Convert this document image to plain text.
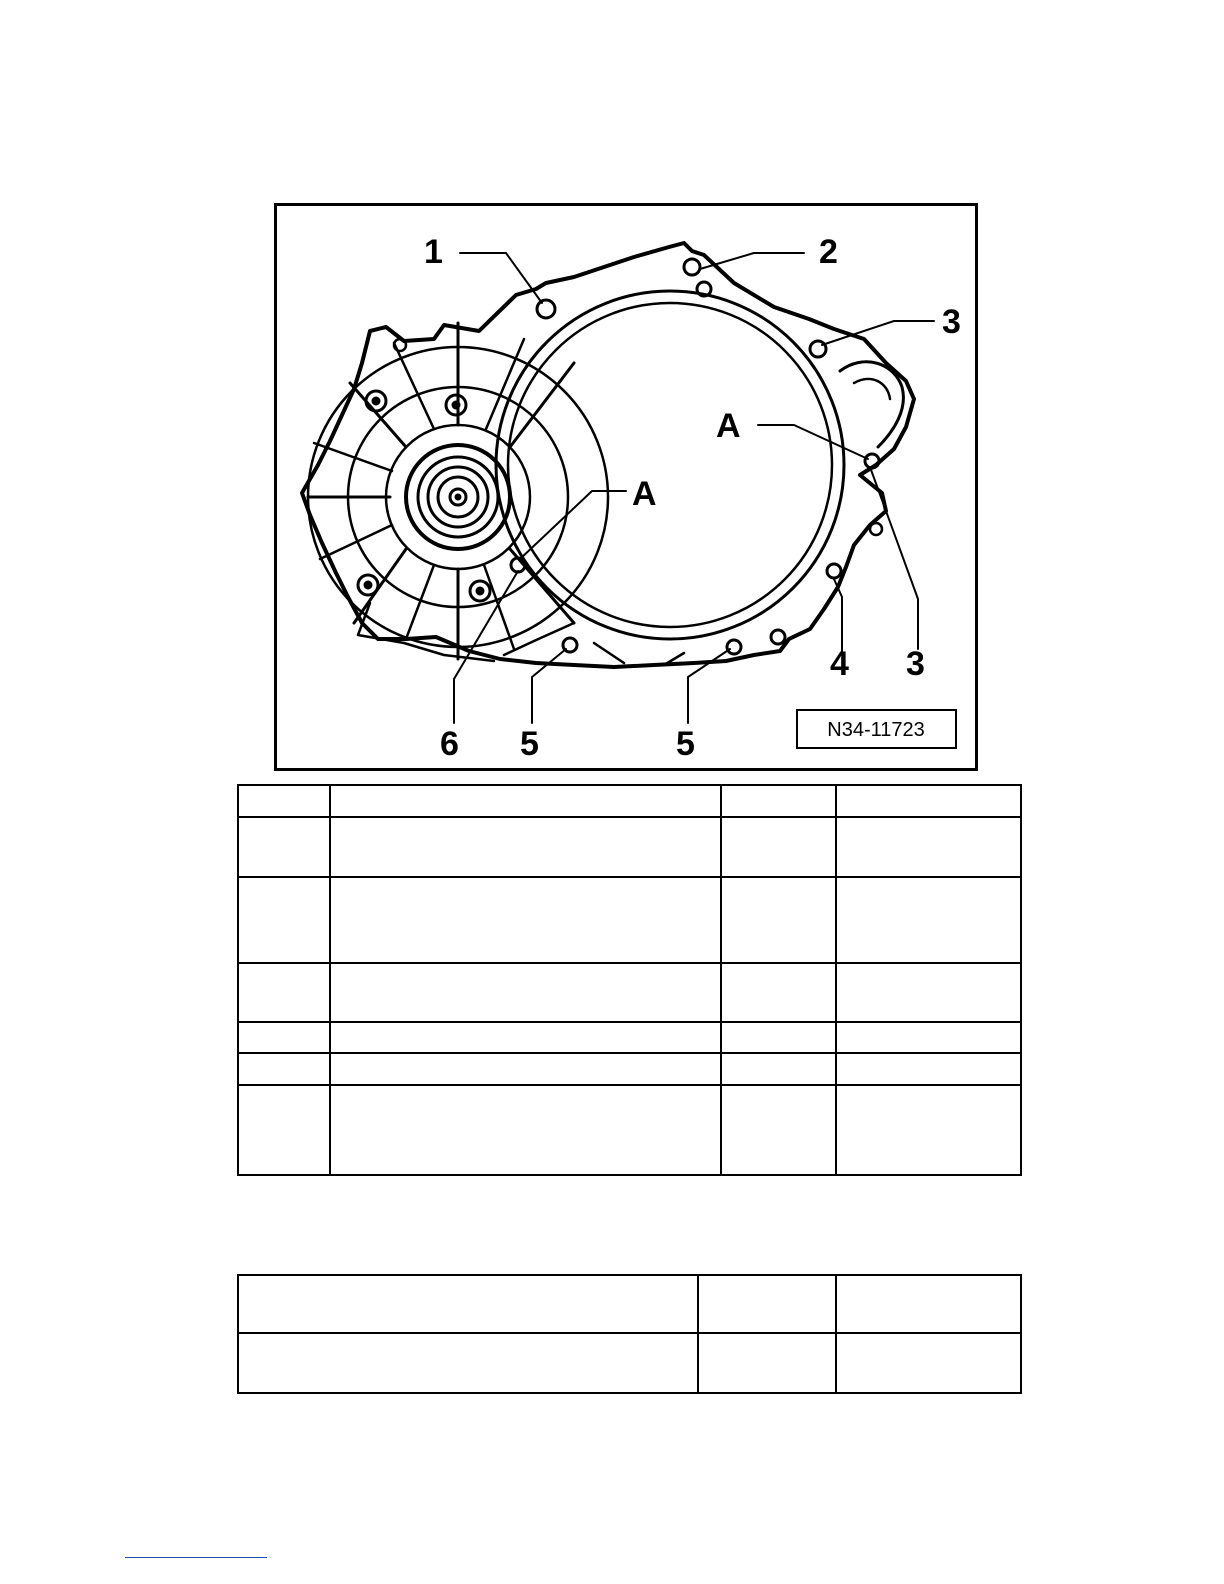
1	2
3
A
A
3
4
5	5
6	N34-11723
